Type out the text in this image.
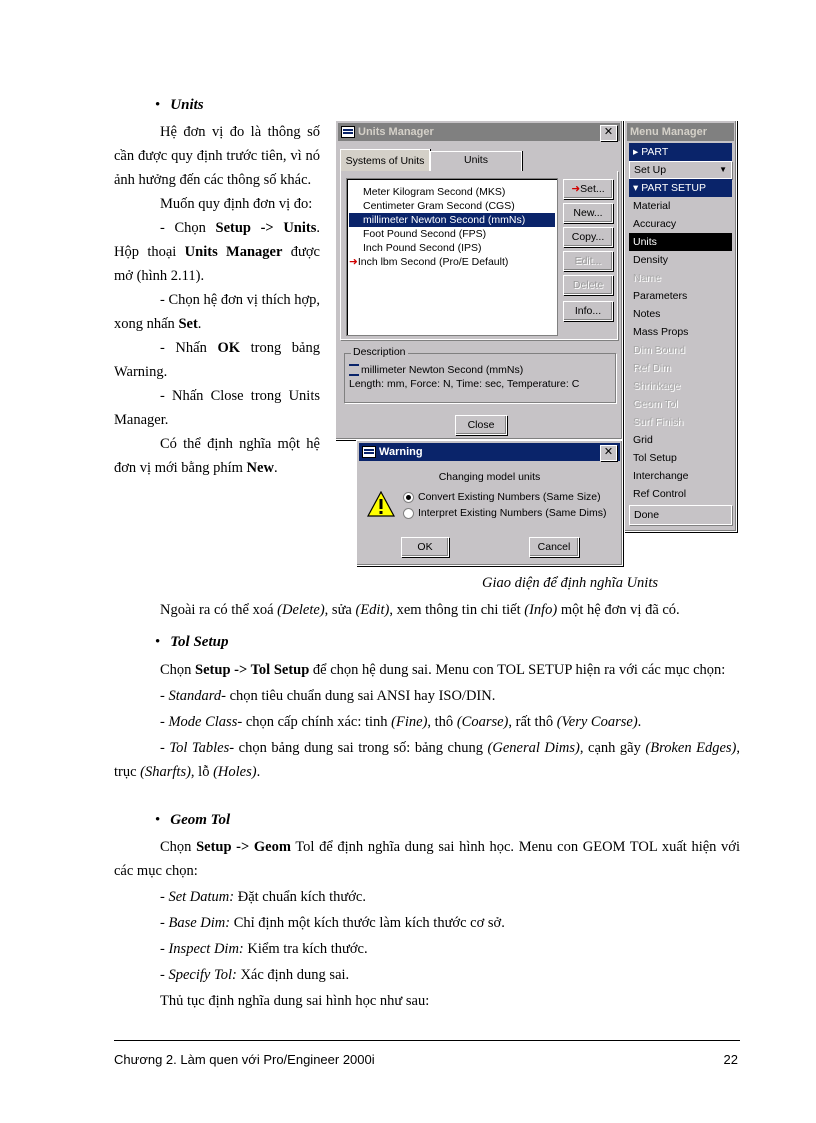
• Units

Hệ đơn vị đo là thông số cần được quy định trước tiên, vì nó ảnh hưởng đến các thông số khác.

Muốn quy định đơn vị đo:

- Chọn Setup -> Units. Hộp thoại Units Manager được mở (hình 2.11).

- Chọn hệ đơn vị thích hợp, xong nhấn Set.

- Nhấn OK trong bảng Warning.

- Nhấn Close trong Units Manager.

Có thể định nghĩa một hệ đơn vị mới bằng phím New.

Units Manager	✕
Systems of Units	Units
Meter Kilogram Second (MKS)
Centimeter Gram Second (CGS)
millimeter Newton Second (mmNs)
Foot Pound Second (FPS)
Inch Pound Second (IPS)
➜Inch lbm Second (Pro/E Default)
➜Set...
New...
Copy...
Edit...
Delete
Info...
Description
millimeter Newton Second (mmNs)
Length: mm, Force: N, Time: sec, Temperature: C
Close
Warning	✕
Changing model units
Convert Existing Numbers (Same Size)
Interpret Existing Numbers (Same Dims)
OK	Cancel
Menu Manager
▸ PART
Set Up	▼
▾ PART SETUP
Material
Accuracy
Units
Density
Name
Parameters
Notes
Mass Props
Dim Bound
Ref Dim
Shrinkage
Geom Tol
Surf Finish
Grid
Tol Setup
Interchange
Ref Control
Done
Giao diện để định nghĩa Units

Ngoài ra có thể xoá (Delete), sửa (Edit), xem thông tin chi tiết (Info) một hệ đơn vị đã có.

• Tol Setup

Chọn Setup -> Tol Setup để chọn hệ dung sai. Menu con TOL SETUP hiện ra với các mục chọn:

- Standard- chọn tiêu chuẩn dung sai ANSI hay ISO/DIN.

- Mode Class- chọn cấp chính xác: tinh (Fine), thô (Coarse), rất thô (Very Coarse).

- Tol Tables- chọn bảng dung sai trong số: bảng chung (General Dims), cạnh gãy (Broken Edges), trục (Sharfts), lỗ (Holes).

• Geom Tol

Chọn Setup -> Geom Tol để định nghĩa dung sai hình học. Menu con GEOM TOL xuất hiện với các mục chọn:

- Set Datum: Đặt chuẩn kích thước.

- Base Dim: Chỉ định một kích thước làm kích thước cơ sở.

- Inspect Dim: Kiểm tra kích thước.

- Specify Tol: Xác định dung sai.

Thủ tục định nghĩa dung sai hình học như sau:

Chương 2. Làm quen với Pro/Engineer 2000i	22
